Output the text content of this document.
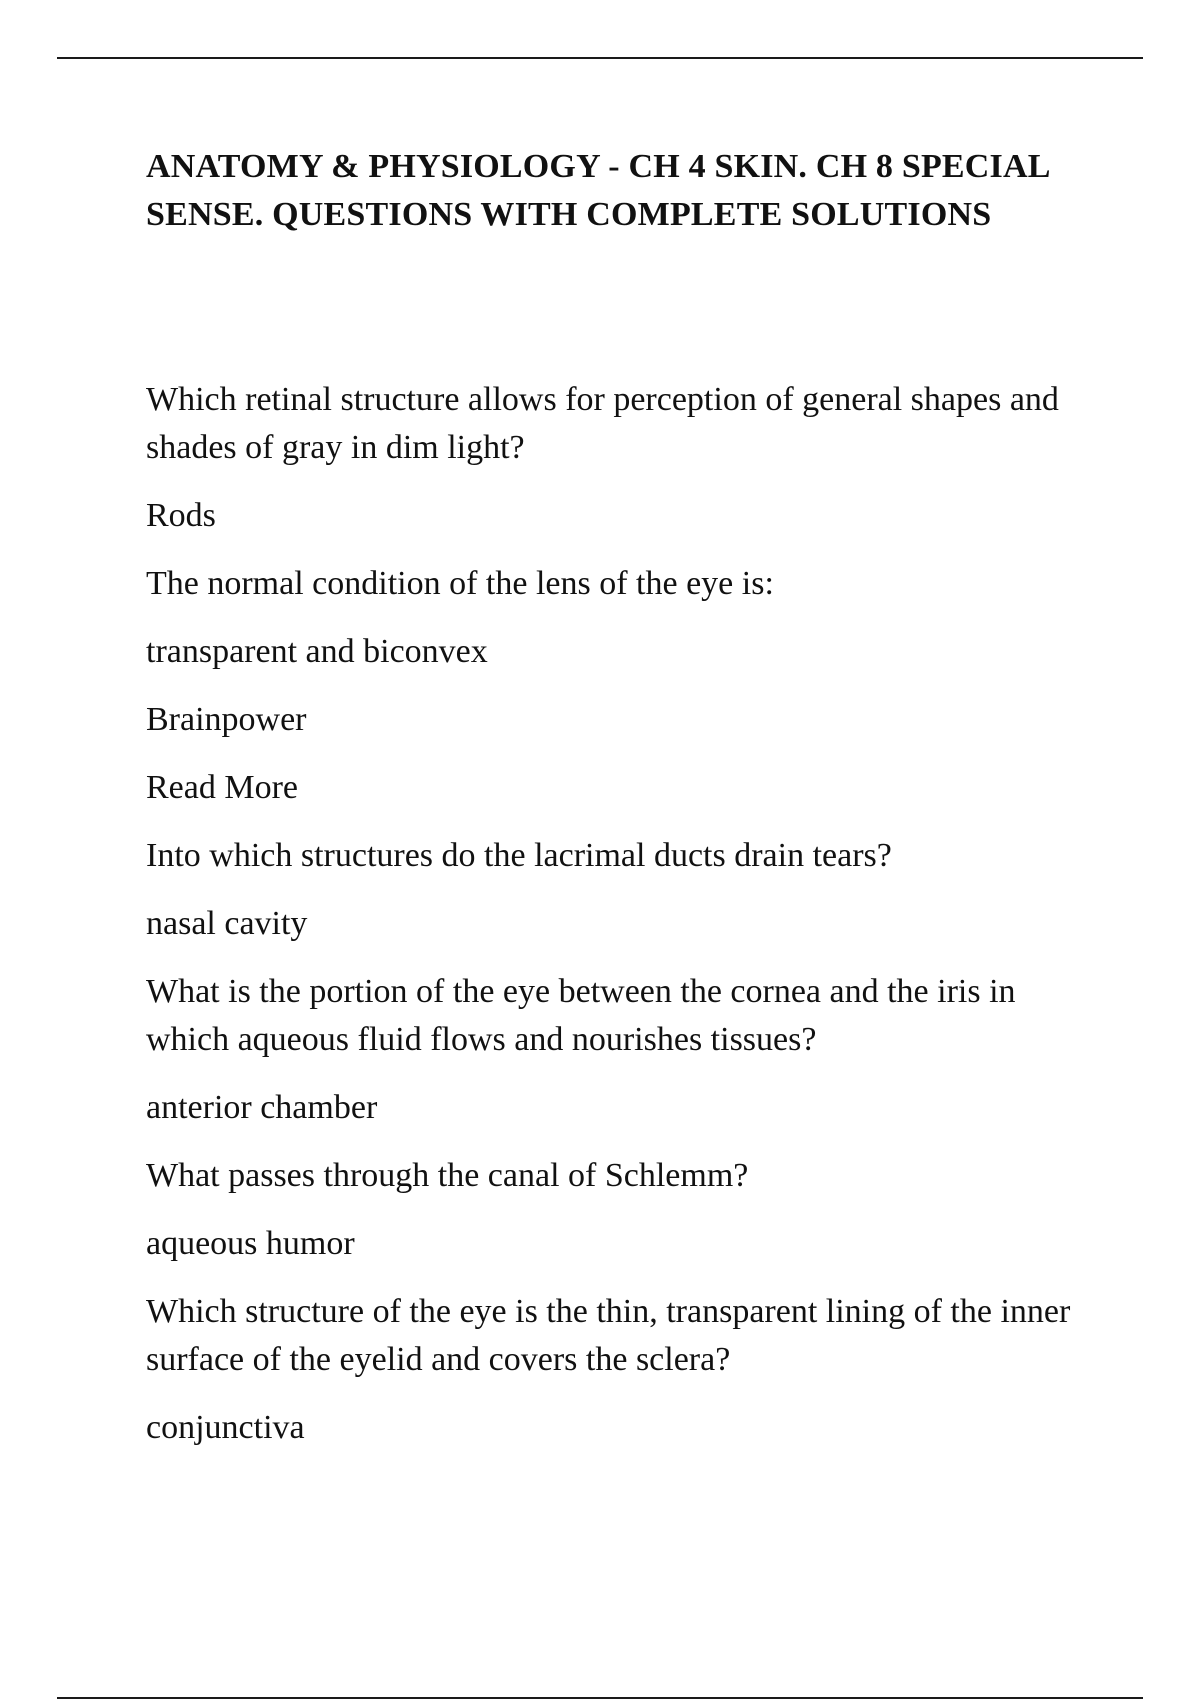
ANATOMY & PHYSIOLOGY - CH 4 SKIN. CH 8 SPECIAL SENSE. QUESTIONS WITH COMPLETE SOLUTIONS

Which retinal structure allows for perception of general shapes and shades of gray in dim light?

Rods

The normal condition of the lens of the eye is:

transparent and biconvex

Brainpower

Read More

Into which structures do the lacrimal ducts drain tears?

nasal cavity

What is the portion of the eye between the cornea and the iris in which aqueous fluid flows and nourishes tissues?

anterior chamber

What passes through the canal of Schlemm?

aqueous humor

Which structure of the eye is the thin, transparent lining of the inner surface of the eyelid and covers the sclera?

conjunctiva
